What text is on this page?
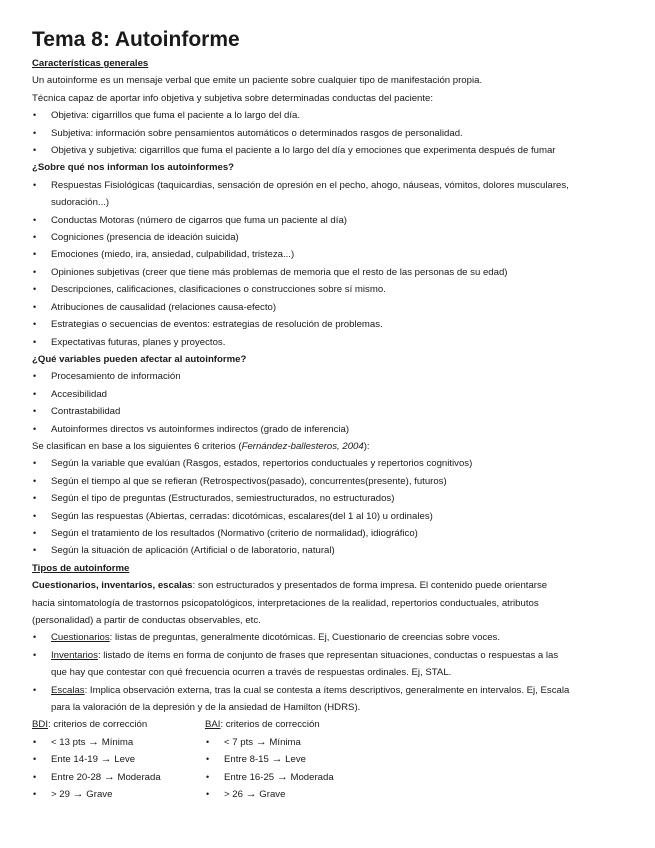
Tema 8: Autoinforme
Características generales
Un autoinforme es un mensaje verbal que emite un paciente sobre cualquier tipo de manifestación propia.
Técnica capaz de aportar info objetiva y subjetiva sobre determinadas conductas del paciente:
• Objetiva: cigarrillos que fuma el paciente a lo largo del día.
• Subjetiva: información sobre pensamientos automáticos o determinados rasgos de personalidad.
• Objetiva y subjetiva: cigarrillos que fuma el paciente a lo largo del día y emociones que experimenta después de fumar
¿Sobre qué nos informan los autoinformes?
• Respuestas Fisiológicas (taquicardias, sensación de opresión en el pecho, ahogo, náuseas, vómitos, dolores musculares,
sudoración...)
• Conductas Motoras (número de cigarros que fuma un paciente al día)
• Cogniciones (presencia de ideación suicida)
• Emociones (miedo, ira, ansiedad, culpabilidad, tristeza...)
• Opiniones subjetivas (creer que tiene más problemas de memoria que el resto de las personas de su edad)
• Descripciones, calificaciones, clasificaciones o construcciones sobre sí mismo.
• Atribuciones de causalidad (relaciones causa-efecto)
• Estrategias o secuencias de eventos: estrategias de resolución de problemas.
• Expectativas futuras, planes y proyectos.
¿Qué variables pueden afectar al autoinforme?
• Procesamiento de información
• Accesibilidad
• Contrastabilidad
• Autoinformes directos vs autoinformes indirectos (grado de inferencia)
Se clasifican en base a los siguientes 6 criterios (Fernández-ballesteros, 2004):
• Según la variable que evalúan (Rasgos, estados, repertorios conductuales y repertorios cognitivos)
• Según el tiempo al que se refieran (Retrospectivos(pasado), concurrentes(presente), futuros)
• Según el tipo de preguntas (Estructurados, semiestructurados, no estructurados)
• Según las respuestas (Abiertas, cerradas: dicotómicas, escalares(del 1 al 10) u ordinales)
• Según el tratamiento de los resultados (Normativo (criterio de normalidad), idiográfico)
• Según la situación de aplicación (Artificial o de laboratorio, natural)
Tipos de autoinforme
Cuestionarios, inventarios, escalas: son estructurados y presentados de forma impresa. El contenido puede orientarse
hacia sintomatología de trastornos psicopatológicos, interpretaciones de la realidad, repertorios conductuales, atributos
(personalidad) a partir de conductas observables, etc.
• Cuestionarios: listas de preguntas, generalmente dicotómicas. Ej, Cuestionario de creencias sobre voces.
• Inventarios: listado de ítems en forma de conjunto de frases que representan situaciones, conductas o respuestas a las
que hay que contestar con qué frecuencia ocurren a través de respuestas ordinales. Ej, STAL.
• Escalas: Implica observación externa, tras la cual se contesta a ítems descriptivos, generalmente en intervalos. Ej, Escala
para la valoración de la depresión y de la ansiedad de Hamilton (HDRS).
BDI: criterios de corrección
• < 13 pts → Mínima
• Ente 14-19 → Leve
• Entre 20-28 → Moderada
• > 29 → Grave
BAI: criterios de corrección
• < 7 pts → Mínima
• Entre 8-15 → Leve
• Entre 16-25 → Moderada
• > 26 → Grave
